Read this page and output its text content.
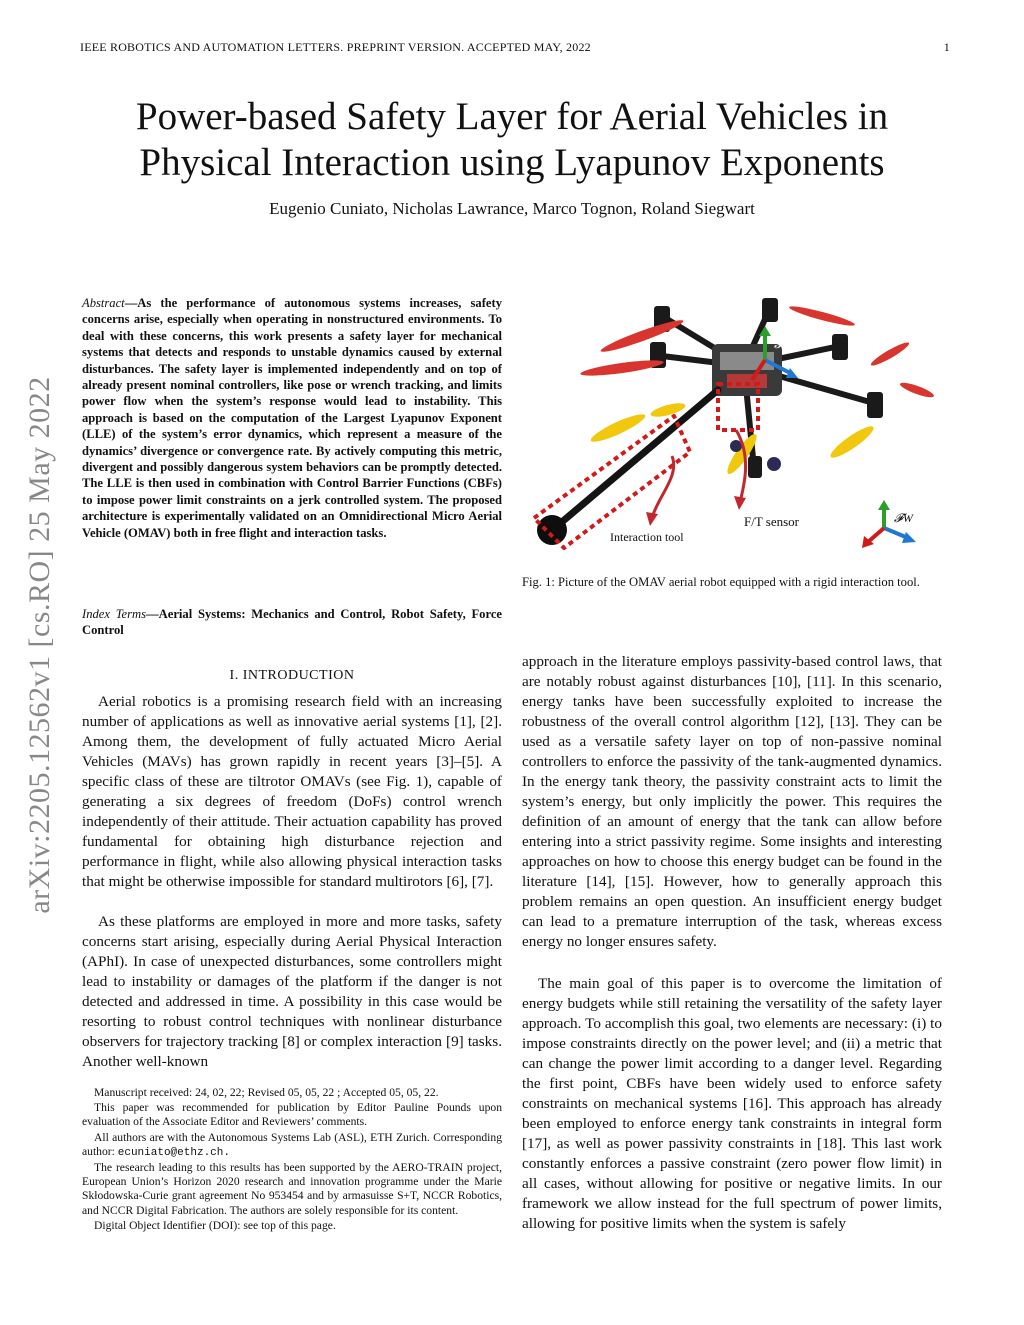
IEEE ROBOTICS AND AUTOMATION LETTERS. PREPRINT VERSION. ACCEPTED MAY, 2022	1
Power-based Safety Layer for Aerial Vehicles in
Physical Interaction using Lyapunov Exponents
Eugenio Cuniato, Nicholas Lawrance, Marco Tognon, Roland Siegwart
arXiv:2205.12562v1 [cs.RO] 25 May 2022
Abstract—As the performance of autonomous systems increases, safety concerns arise, especially when operating in nonstructured environments. To deal with these concerns, this work presents a safety layer for mechanical systems that detects and responds to unstable dynamics caused by external disturbances. The safety layer is implemented independently and on top of already present nominal controllers, like pose or wrench tracking, and limits power flow when the system’s response would lead to instability. This approach is based on the computation of the Largest Lyapunov Exponent (LLE) of the system’s error dynamics, which represent a measure of the dynamics’ divergence or convergence rate. By actively computing this metric, divergent and possibly dangerous system behaviors can be promptly detected. The LLE is then used in combination with Control Barrier Functions (CBFs) to impose power limit constraints on a jerk controlled system. The proposed architecture is experimentally validated on an Omnidirectional Micro Aerial Vehicle (OMAV) both in free flight and interaction tasks.
Index Terms—Aerial Systems: Mechanics and Control, Robot Safety, Force Control
I. INTRODUCTION
Aerial robotics is a promising research field with an increasing number of applications as well as innovative aerial systems [1], [2]. Among them, the development of fully actuated Micro Aerial Vehicles (MAVs) has grown rapidly in recent years [3]–[5]. A specific class of these are tiltrotor OMAVs (see Fig. 1), capable of generating a six degrees of freedom (DoFs) control wrench independently of their attitude. Their actuation capability has proved fundamental for obtaining high disturbance rejection and performance in flight, while also allowing physical interaction tasks that might be otherwise impossible for standard multirotors [6], [7].
As these platforms are employed in more and more tasks, safety concerns start arising, especially during Aerial Physical Interaction (APhI). In case of unexpected disturbances, some controllers might lead to instability or damages of the platform if the danger is not detected and addressed in time. A possibility in this case would be resorting to robust control techniques with nonlinear disturbance observers for trajectory tracking [8] or complex interaction [9] tasks. Another well-known

Manuscript received: 24, 02, 22; Revised 05, 05, 22 ; Accepted 05, 05, 22.

This paper was recommended for publication by Editor Pauline Pounds upon evaluation of the Associate Editor and Reviewers’ comments.

All authors are with the Autonomous Systems Lab (ASL), ETH Zurich. Corresponding author: ecuniato@ethz.ch.

The research leading to this results has been supported by the AERO-TRAIN project, European Union’s Horizon 2020 research and innovation programme under the Marie Skłodowska-Curie grant agreement No 953454 and by armasuisse S+T, NCCR Robotics, and NCCR Digital Fabrication. The authors are solely responsible for its content.

Digital Object Identifier (DOI): see top of this page.

𝓕B
Interaction tool
F/T sensor	𝓕W
Fig. 1: Picture of the OMAV aerial robot equipped with a rigid interaction tool.

approach in the literature employs passivity-based control laws, that are notably robust against disturbances [10], [11]. In this scenario, energy tanks have been successfully exploited to increase the robustness of the overall control algorithm [12], [13]. They can be used as a versatile safety layer on top of non-passive nominal controllers to enforce the passivity of the tank-augmented dynamics. In the energy tank theory, the passivity constraint acts to limit the system’s energy, but only implicitly the power. This requires the definition of an amount of energy that the tank can allow before entering into a strict passivity regime. Some insights and interesting approaches on how to choose this energy budget can be found in the literature [14], [15]. However, how to generally approach this problem remains an open question. An insufficient energy budget can lead to a premature interruption of the task, whereas excess energy no longer ensures safety.

The main goal of this paper is to overcome the limitation of energy budgets while still retaining the versatility of the safety layer approach. To accomplish this goal, two elements are necessary: (i) to impose constraints directly on the power level; and (ii) a metric that can change the power limit according to a danger level. Regarding the first point, CBFs have been widely used to enforce safety constraints on mechanical systems [16]. This approach has already been employed to enforce energy tank constraints in integral form [17], as well as power passivity constraints in [18]. This last work constantly enforces a passive constraint (zero power flow limit) in all cases, without allowing for positive or negative limits. In our framework we allow instead for the full spectrum of power limits, allowing for positive limits when the system is safely
